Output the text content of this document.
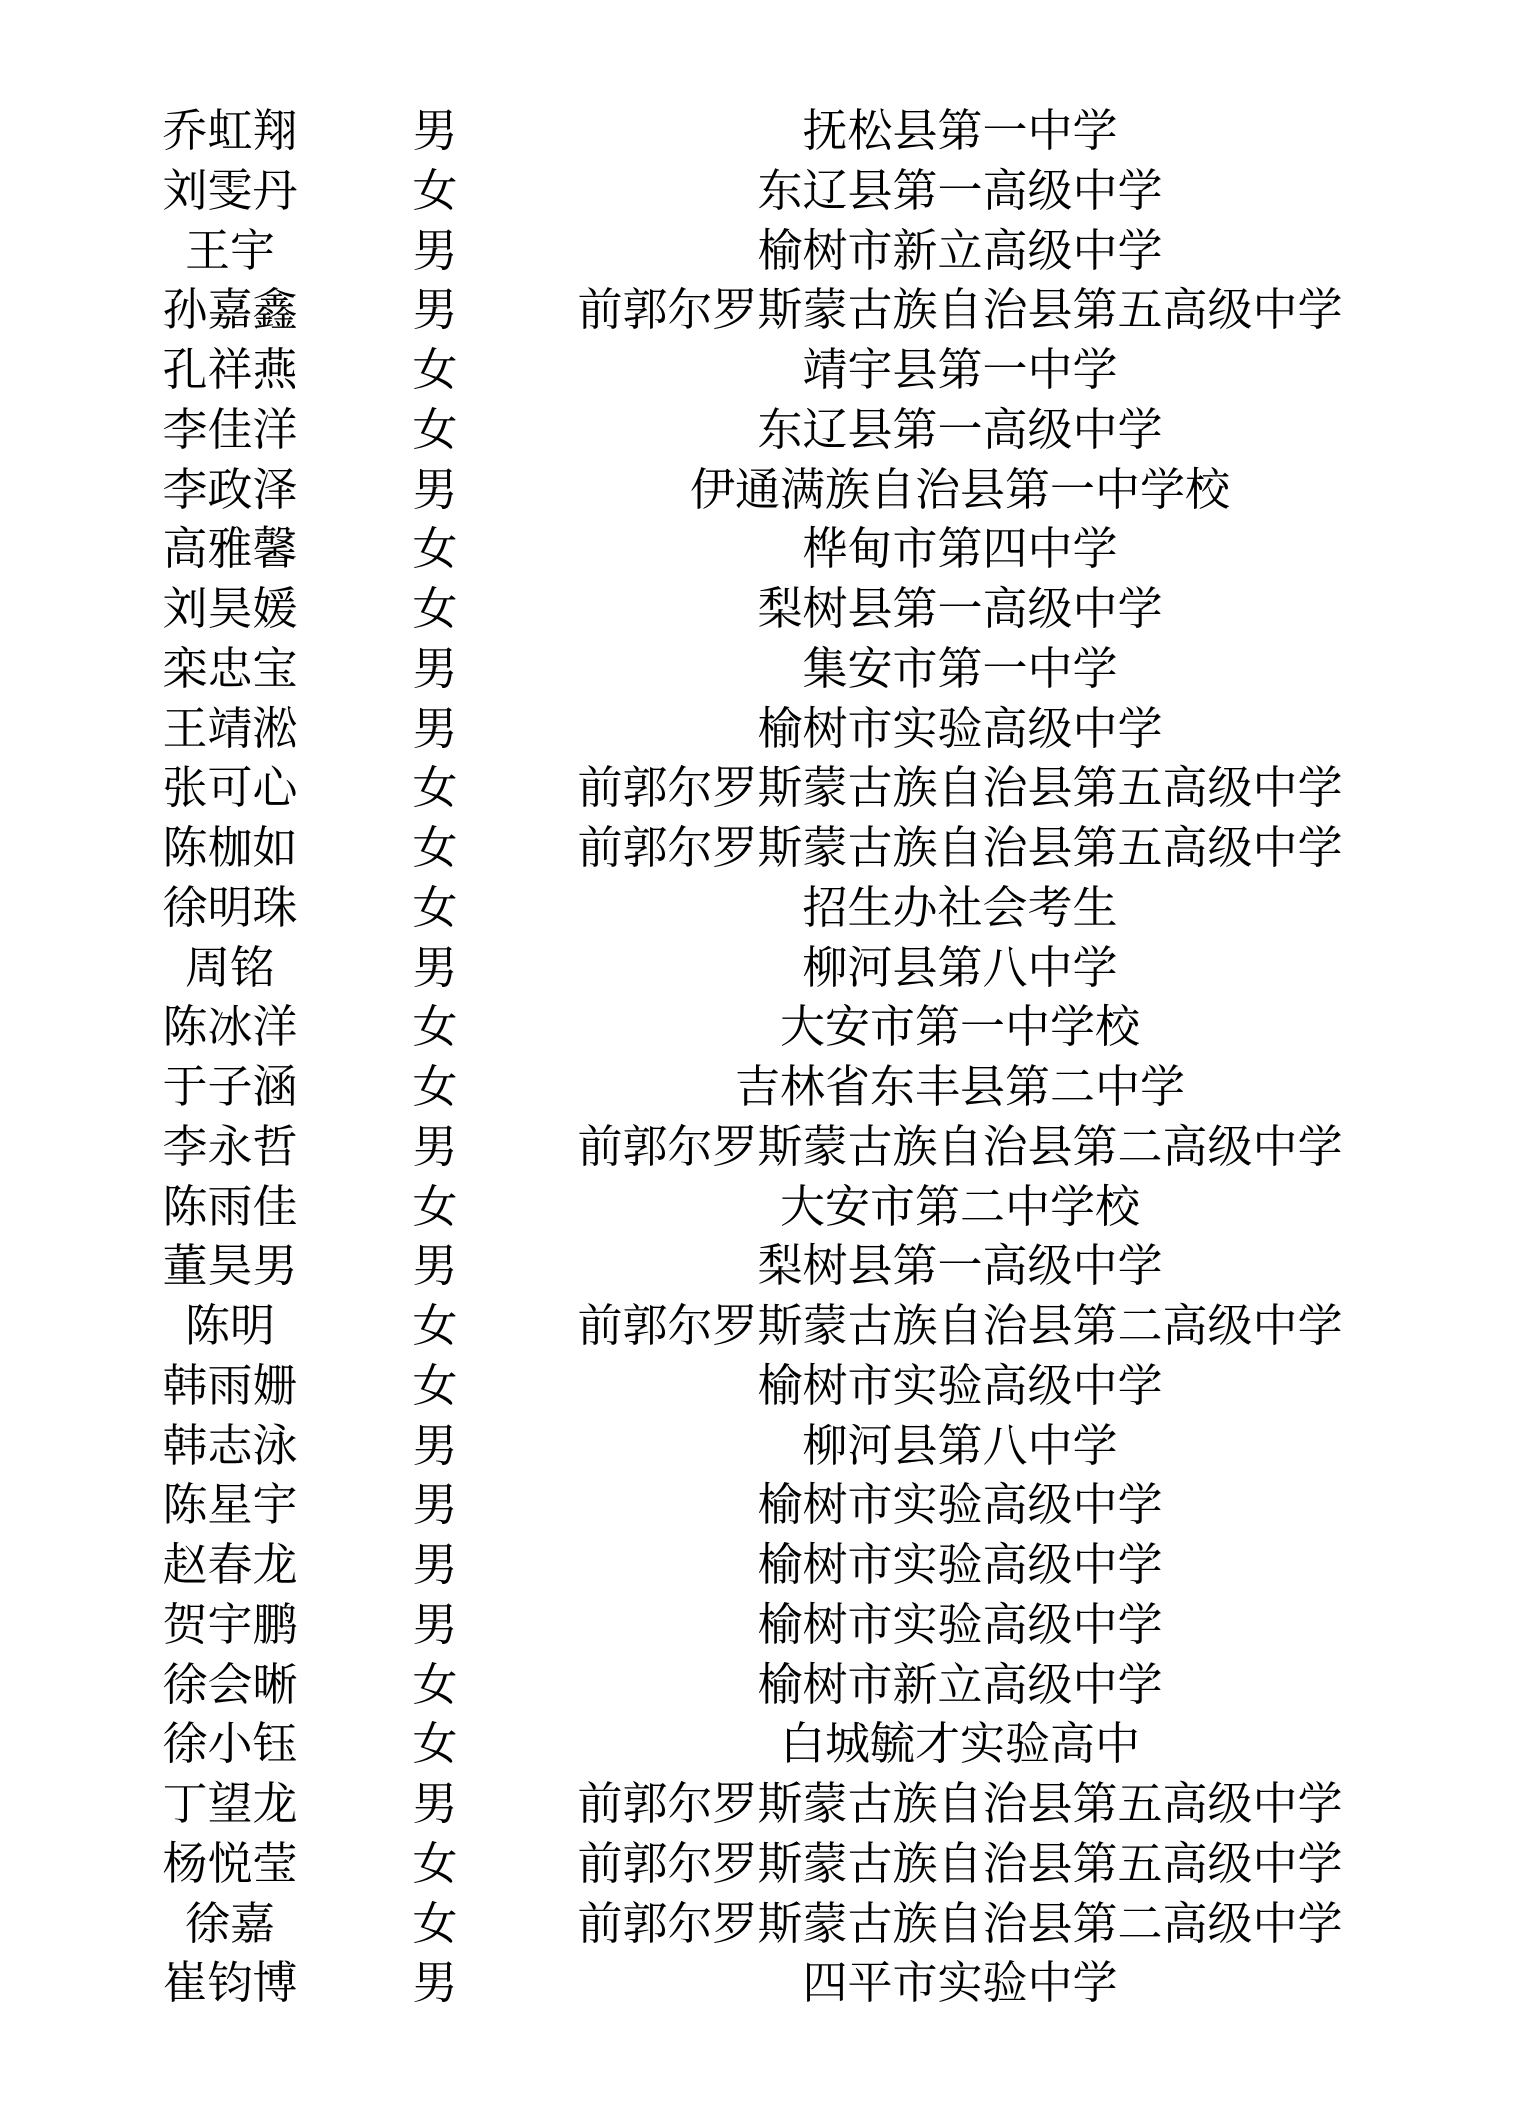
乔虹翔	男	抚松县第一中学
刘雯丹	女	东辽县第一高级中学
王宇	男	榆树市新立高级中学
孙嘉鑫	男	前郭尔罗斯蒙古族自治县第五高级中学
孔祥燕	女	靖宇县第一中学
李佳洋	女	东辽县第一高级中学
李政泽	男	伊通满族自治县第一中学校
高雅馨	女	桦甸市第四中学
刘昊媛	女	梨树县第一高级中学
栾忠宝	男	集安市第一中学
王靖淞	男	榆树市实验高级中学
张可心	女	前郭尔罗斯蒙古族自治县第五高级中学
陈枷如	女	前郭尔罗斯蒙古族自治县第五高级中学
徐明珠	女	招生办社会考生
周铭	男	柳河县第八中学
陈冰洋	女	大安市第一中学校
于子涵	女	吉林省东丰县第二中学
李永哲	男	前郭尔罗斯蒙古族自治县第二高级中学
陈雨佳	女	大安市第二中学校
董昊男	男	梨树县第一高级中学
陈明	女	前郭尔罗斯蒙古族自治县第二高级中学
韩雨姗	女	榆树市实验高级中学
韩志泳	男	柳河县第八中学
陈星宇	男	榆树市实验高级中学
赵春龙	男	榆树市实验高级中学
贺宇鹏	男	榆树市实验高级中学
徐会晰	女	榆树市新立高级中学
徐小钰	女	白城毓才实验高中
丁望龙	男	前郭尔罗斯蒙古族自治县第五高级中学
杨悦莹	女	前郭尔罗斯蒙古族自治县第五高级中学
徐嘉	女	前郭尔罗斯蒙古族自治县第二高级中学
崔钧博	男	四平市实验中学
